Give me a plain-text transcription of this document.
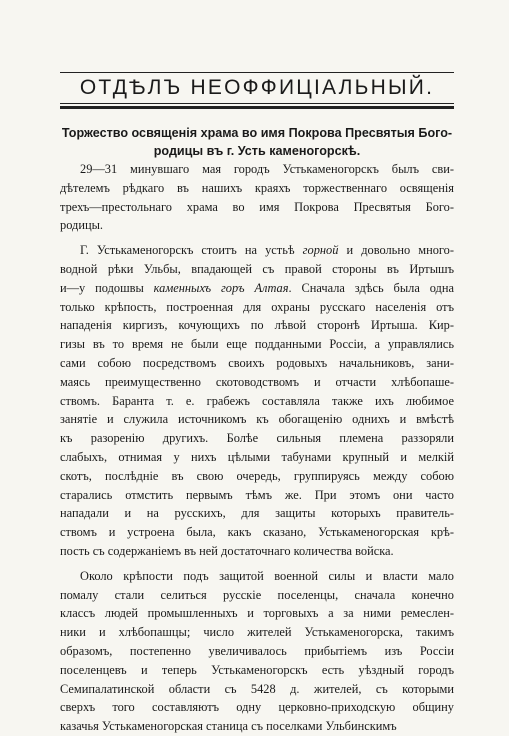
ОТДѢЛЪ НЕОФФИЦІАЛЬНЫЙ.
Торжество освященія храма во имя Покрова Пресвятыя Бого-
родицы въ г. Усть каменогорскѣ.
29—31 минувшаго мая городъ Устькаменогорскъ былъ сви-
дѣтелемъ рѣдкаго въ нашихъ краяхъ торжественнаго освященія
трехъ—престольнаго храма во имя Покрова Пресвятыя Бого-
родицы.
Г. Устькаменогорскъ стоитъ на устьѣ горной и довольно много-
водной рѣки Ульбы, впадающей съ правой стороны въ Иртышъ
и—у подошвы каменныхъ горъ Алтая. Сначала здѣсь была одна
только крѣпость, построенная для охраны русскаго населенія отъ
нападенія киргизъ, кочующихъ по лѣвой сторонѣ Иртыша. Кир-
гизы въ то время не были еще подданными Россіи, а управлялись
сами собою посредствомъ своихъ родовыхъ начальниковъ, зани-
маясь преимущественно скотоводствомъ и отчасти хлѣбопаше-
ствомъ. Баранта т. е. грабежъ составляла также ихъ любимое
занятіе и служила источникомъ къ обогащенію однихъ и вмѣстѣ
къ разоренію другихъ. Болѣе сильныя племена раззоряли
слабыхъ, отнимая у нихъ цѣлыми табунами крупный и мелкій
скотъ, послѣдніе въ свою очередь, группируясь между собою
старались отмстить первымъ тѣмъ же. При этомъ они часто
нападали и на русскихъ, для защиты которыхъ правитель-
ствомъ и устроена была, какъ сказано, Устькаменогорская крѣ-
пость съ содержаніемъ въ ней достаточнаго количества войска.
Около крѣпости подъ защитой военной силы и власти мало
помалу стали селиться русскіе поселенцы, сначала конечно
классъ людей промышленныхъ и торговыхъ а за ними ремеслен-
ники и хлѣбопашцы; число жителей Устькаменогорска, такимъ
образомъ, постепенно увеличивалось прибытіемъ изъ Россіи
поселенцевъ и теперь Устькаменогорскъ есть уѣздный городъ
Семипалатинской области съ 5428 д. жителей, съ которыми
сверхъ того составляютъ одну церковно-приходскую общину
казачья Устькаменогорская станица съ поселками Ульбинскимъ
